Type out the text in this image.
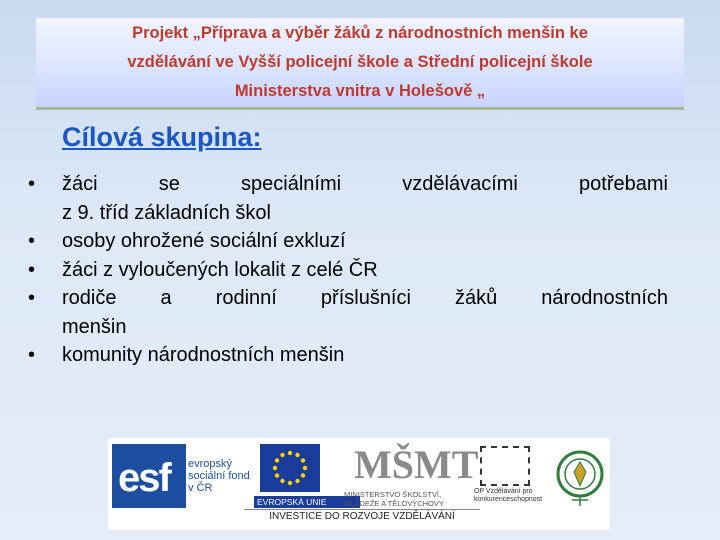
Projekt „Příprava a výběr žáků z národnostních menšin ke
vzdělávání ve Vyšší policejní škole a Střední policejní škole
Ministerstva vnitra v Holešově „

Cílová skupina:
• žáci	se	speciálními	vzdělávacími	potřebami
z 9. tříd základních škol
• osoby ohrožené sociální exkluzí
• žáci z vyloučených lokalit z celé ČR
• rodiče a rodinní příslušníci žáků národnostních
menšin
• komunity národnostních menšin
esf evropský sociální fond v ČR
EVROPSKÁ UNIE
MŠMT
MINISTERSTVO ŠKOLSTVÍ, MLÁDEŽE A TĚLOVÝCHOVY
OP Vzdělávání pro konkurenceschopnost
INVESTICE DO ROZVOJE VZDĚLÁVÁNÍ
